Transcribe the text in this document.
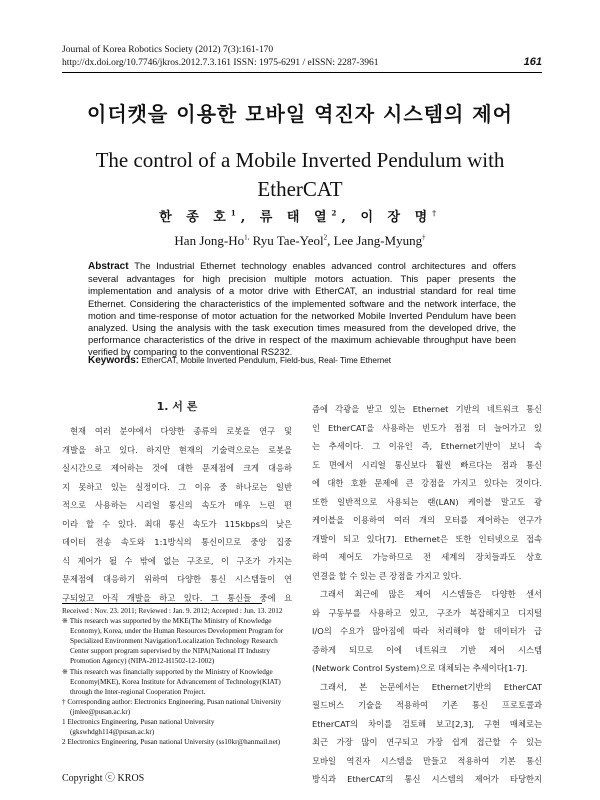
Journal of Korea Robotics Society (2012) 7(3):161-170
http://dx.doi.org/10.7746/jkros.2012.7.3.161 ISSN: 1975-6291 / eISSN: 2287-3961	161
이더캣을 이용한 모바일 역진자 시스템의 제어
The control of a Mobile Inverted Pendulum with EtherCAT
한 종 호$^1$, 류 태 열$^2$, 이 장 명†
Han Jong-$Ho^{1,}$ Ryu Tae-Yeol$^2$, Lee Jang-Myung†
Abstract The Industrial Ethernet technology enables advanced control architectures and offers several advantages for high precision multiple motors actuation. This paper presents the implementation and analysis of a motor drive with EtherCAT, an industrial standard for real time Ethernet. Considering the characteristics of the implemented software and the network interface, the motion and time-response of motor actuation for the networked Mobile Inverted Pendulum have been analyzed. Using the analysis with the task execution times measured from the developed drive, the performance characteristics of the drive in respect of the maximum achievable throughput have been verified by comparing to the conventional RS232.
Keywords: EtherCAT, Mobile Inverted Pendulum, Field-bus, Real- Time Ethernet
1. 서 론
현재 여러 분야에서 다양한 종류의 로봇을 연구 및
개발을 하고 있다. 하지만 현재의 기술력으로는 로봇을
실시간으로 제어하는 것에 대한 문제점에 크게 대응하
지 못하고 있는 실정이다. 그 이유 중 하나로는 일반
적으로 사용하는 시리얼 통신의 속도가 매우 느린 편
이라 할 수 있다. 최대 통신 속도가 115kbps의 낮은
데이터 전송 속도와 1:1방식의 통신이므로 중앙 집중
식 제어가 될 수 밖에 없는 구조로, 이 구조가 가지는
문제점에 대응하기 위하여 다양한 통신 시스템들이 연
구되었고 아직 개발을 하고 있다. 그 통신들 중에 요
즘에 각광을 받고 있는 Ethernet 기반의 네트워크 통신
인 EtherCAT을 사용하는 빈도가 점점 더 늘어가고 있
는 추세이다. 그 이유인 즉, Ethernet기반이 보니 속
도 면에서 시리얼 통신보다 훨씬 빠르다는 점과 통신
에 대한 호환 문제에 큰 강점을 가지고 있다는 것이다.
또한 일반적으로 사용되는 랜(LAN) 케이블 말고도 광
케이블을 이용하여 여러 개의 모터를 제어하는 연구가
개발이 되고 있다[7]. Ethernet은 또한 인터넷으로 접속
하여 제어도 가능하므로 전 세계의 장치들과도 상호
연결을 할 수 있는 큰 장점을 가지고 있다.
그래서 최근에 많은 제어 시스템들은 다양한 센서
와 구동부를 사용하고 있고, 구조가 복잡해지고 디지털
I/O의 수요가 많아짐에 따라 처리해야 할 데이터가 급
증하게 되므로 이에 네트워크 기반 제어 시스템
(Network Control System)으로 대체되는 추세이다[1-7].
그래서, 본 논문에서는 Ethernet기반의 EtherCAT
필드버스 기술을 적용하여 기존 통신 프로토콜과
EtherCAT의 차이를 검토해 보고[2,3], 구현 매체로는
최근 가장 많이 연구되고 가장 쉽게 접근할 수 있는
모바일 역진자 시스템을 만들고 적용하여 기본 통신
방식과 EtherCAT의 통신 시스템의 제어가 타당한지
Received : Nov. 23. 2011; Reviewed : Jan. 9. 2012; Accepted : Jun. 13. 2012
※ This research was supported by the MKE(The Ministry of Knowledge Economy), Korea, under the Human Resources Development Program for Specialized Environment Navigation/Localization Technology Research Center support program supervised by the NIPA(National IT Industry Promotion Agency) (NIPA-2012-H1502-12-1002)
※ This research was financially supported by the Ministry of Knowledge Economy(MKE), Korea Institute for Advancement of Technology(KIAT) through the Inter-regional Cooperation Project.
† Corresponding author: Electronics Engineering, Pusan national University (jmlee@pusan.ac.kr)
1 Electronics Engineering, Pusan national University (gkswhdgh114@pusan.ac.kr)
2 Electronics Engineering, Pusan national University (ss10kr@hanmail.net)
Copyright ⓒ KROS
